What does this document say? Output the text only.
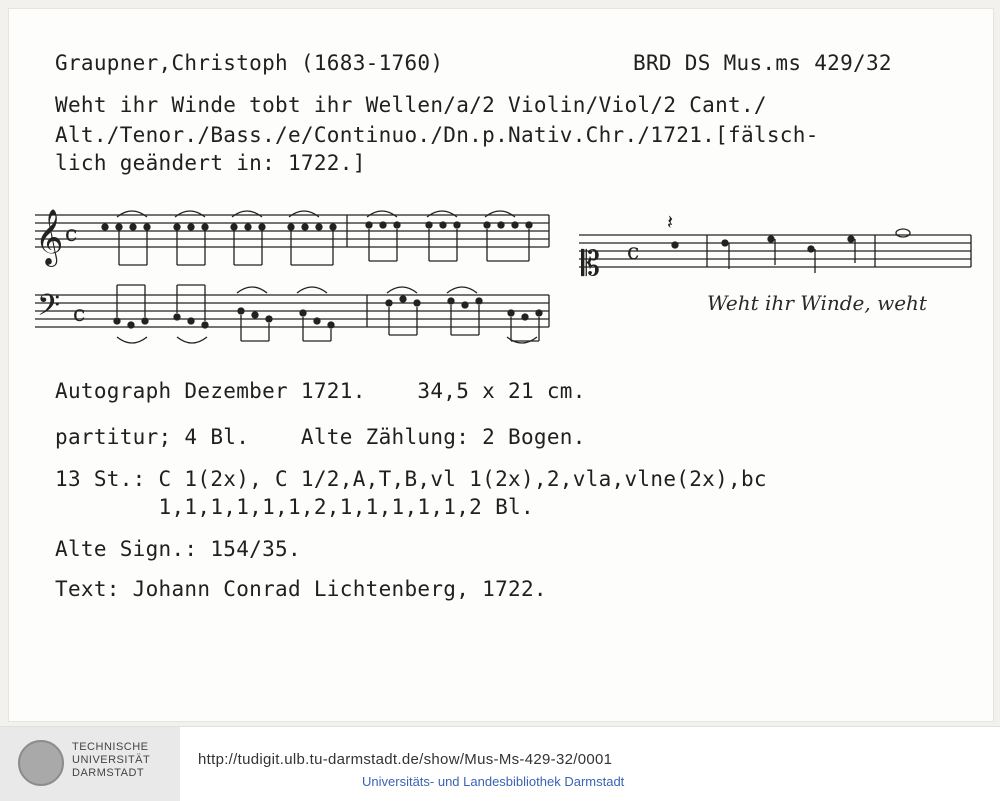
Graupner,Christoph (1683-1760)	BRD DS Mus.ms 429/32
Weht ihr Winde tobt ihr Wellen/a/2 Violin/Viol/2 Cant./
Alt./Tenor./Bass./e/Continuo./Dn.p.Nativ.Chr./1721.[fälsch-
lich geändert in: 1722.]
𝄞
𝄢
c
c
𝄡 c
𝄽
Weht ihr Winde, weht
Autograph Dezember 1721.    34,5 x 21 cm.
partitur; 4 Bl.    Alte Zählung: 2 Bogen.
13 St.: C 1(2x), C 1/2,A,T,B,vl 1(2x),2,vla,vlne(2x),bc
1,1,1,1,1,1,2,1,1,1,1,1,2 Bl.
Alte Sign.: 154/35.
Text: Johann Conrad Lichtenberg, 1722.
TECHNISCHE
UNIVERSITÄT
DARMSTADT
http://tudigit.ulb.tu-darmstadt.de/show/Mus-Ms-429-32/0001
Universitäts- und Landesbibliothek Darmstadt
